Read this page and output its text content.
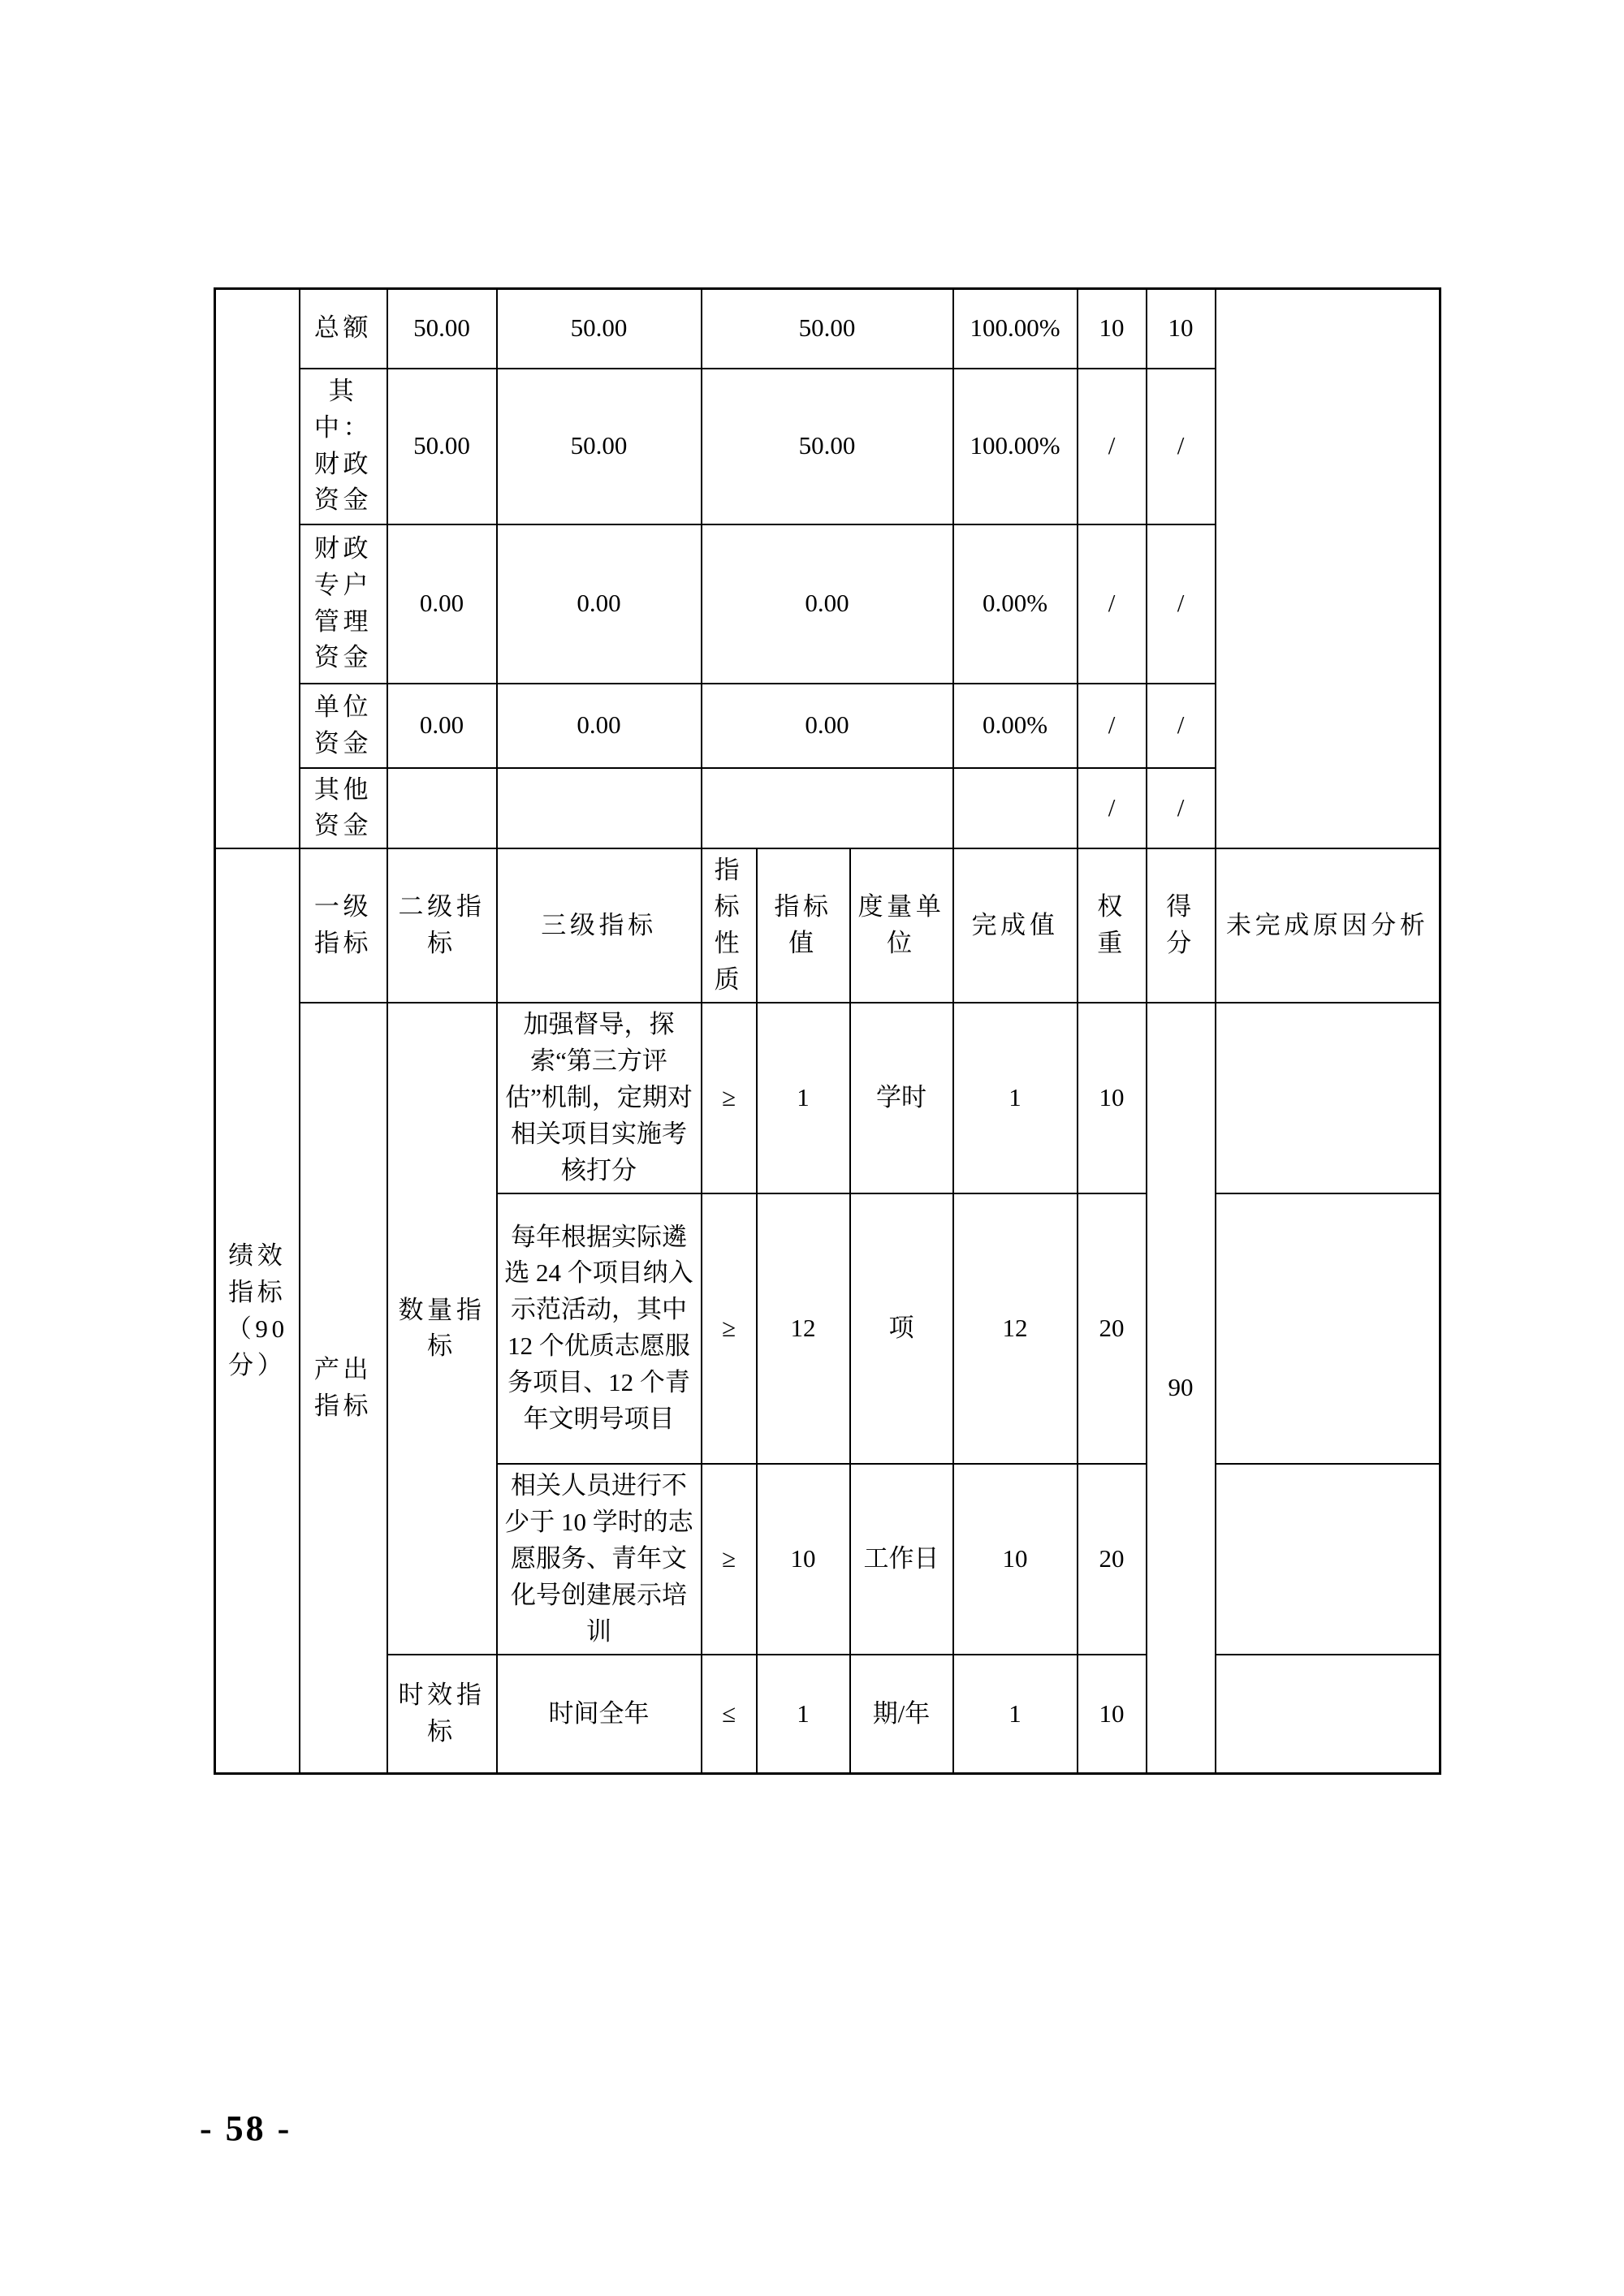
	总额	50.00	50.00	50.00			100.00%	10	10	
	其中：财政资金	50.00	50.00	50.00			100.00%	/	/	
	财政专户管理资金	0.00	0.00	0.00			0.00%	/	/	
	单位资金	0.00	0.00	0.00			0.00%	/	/	
	其他资金							/	/	
绩效指标（90分）	一级指标	二级指标	三级指标	指标性质	指标值	度量单位	完成值	权重	得分	未完成原因分析
	产出指标	数量指标	加强督导，探索“第三方评估”机制，定期对相关项目实施考核打分	≥	1	学时	1	10	90	
			每年根据实际遴选 24 个项目纳入示范活动，其中 12 个优质志愿服务项目、12 个青年文明号项目	≥	12	项	12	20		
			相关人员进行不少于 10 学时的志愿服务、青年文化号创建展示培训	≥	10	工作日	10	20		
		时效指标	时间全年	≤	1	期/年	1	10		
- 58 -
